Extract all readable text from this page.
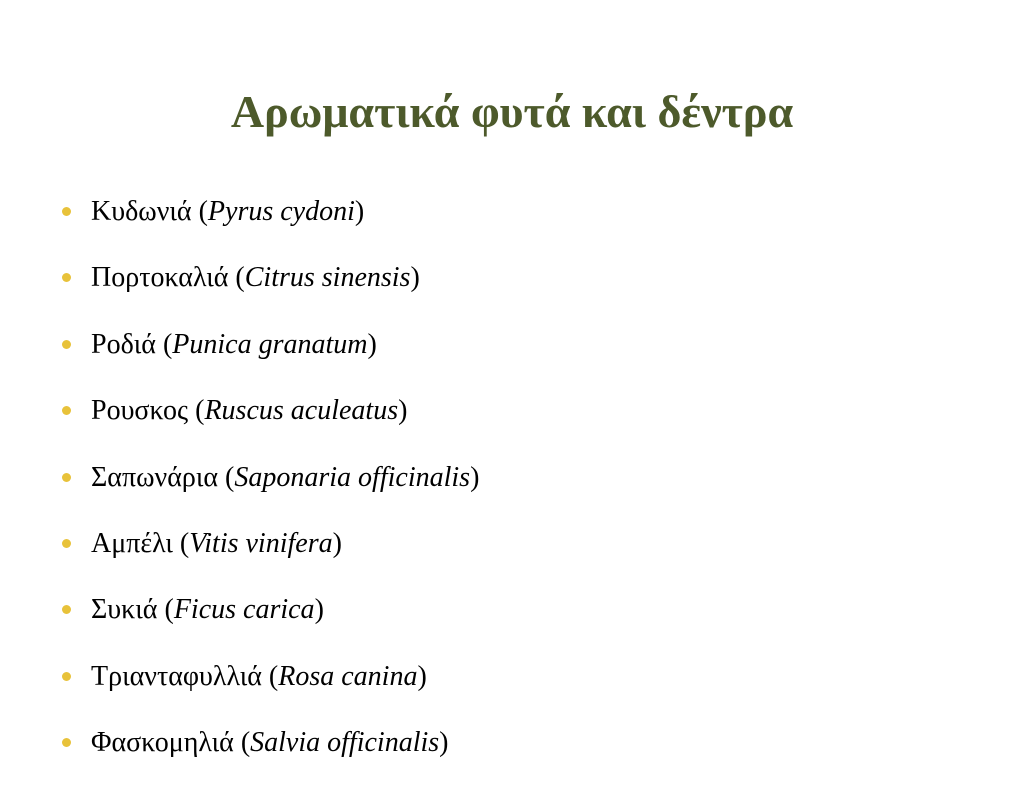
Αρωματικά φυτά και δέντρα
Κυδωνιά (Pyrus cydoni)
Πορτοκαλιά (Citrus sinensis)
Ροδιά (Punica granatum)
Ρουσκος (Ruscus aculeatus)
Σαπωνάρια (Saponaria officinalis)
Αμπέλι (Vitis vinifera)
Συκιά (Ficus carica)
Τριανταφυλλιά (Rosa canina)
Φασκομηλιά (Salvia officinalis)
